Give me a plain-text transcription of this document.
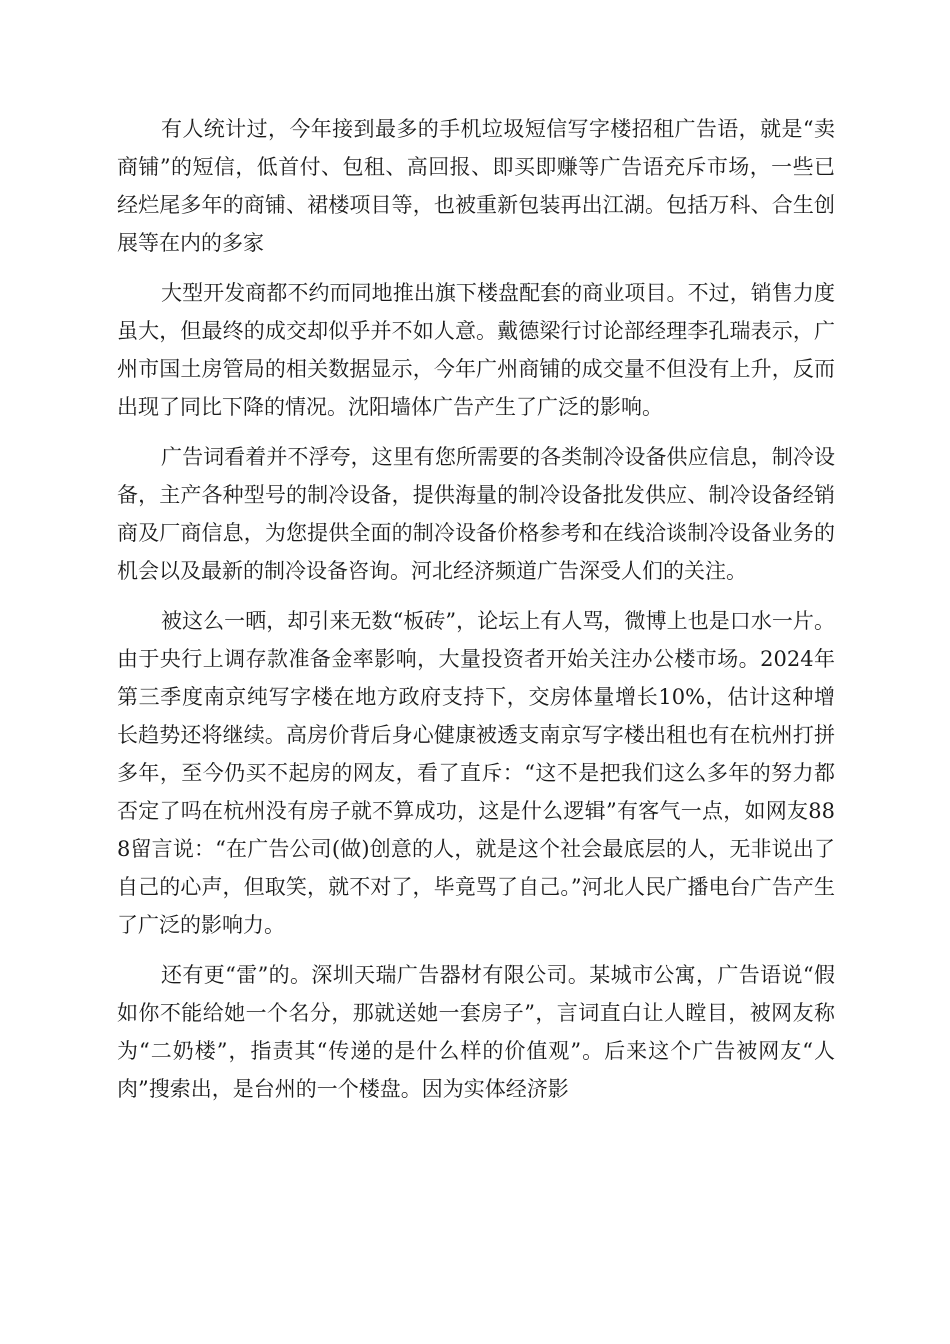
有人统计过，今年接到最多的手机垃圾短信写字楼招租广告语，就是“卖商铺”的短信，低首付、包租、高回报、即买即赚等广告语充斥市场，一些已经烂尾多年的商铺、裙楼项目等，也被重新包装再出江湖。包括万科、合生创展等在内的多家

大型开发商都不约而同地推出旗下楼盘配套的商业项目。不过，销售力度虽大，但最终的成交却似乎并不如人意。戴德梁行讨论部经理李孔瑞表示，广州市国土房管局的相关数据显示，今年广州商铺的成交量不但没有上升，反而出现了同比下降的情况。沈阳墙体广告产生了广泛的影响。

广告词看着并不浮夸，这里有您所需要的各类制冷设备供应信息，制冷设备，主产各种型号的制冷设备，提供海量的制冷设备批发供应、制冷设备经销商及厂商信息，为您提供全面的制冷设备价格参考和在线洽谈制冷设备业务的机会以及最新的制冷设备咨询。河北经济频道广告深受人们的关注。

被这么一晒，却引来无数“板砖”，论坛上有人骂，微博上也是口水一片。由于央行上调存款准备金率影响，大量投资者开始关注办公楼市场。2024年第三季度南京纯写字楼在地方政府支持下，交房体量增长10%，估计这种增长趋势还将继续。高房价背后身心健康被透支南京写字楼出租也有在杭州打拼多年，至今仍买不起房的网友，看了直斥：“这不是把我们这么多年的努力都否定了吗在杭州没有房子就不算成功，这是什么逻辑”有客气一点，如网友888留言说：“在广告公司(做)创意的人，就是这个社会最底层的人，无非说出了自己的心声，但取笑，就不对了，毕竟骂了自己。”河北人民广播电台广告产生了广泛的影响力。

还有更“雷”的。深圳天瑞广告器材有限公司。某城市公寓，广告语说“假如你不能给她一个名分，那就送她一套房子”，言词直白让人瞠目，被网友称为“二奶楼”，指责其“传递的是什么样的价值观”。后来这个广告被网友“人肉”搜索出，是台州的一个楼盘。因为实体经济影
